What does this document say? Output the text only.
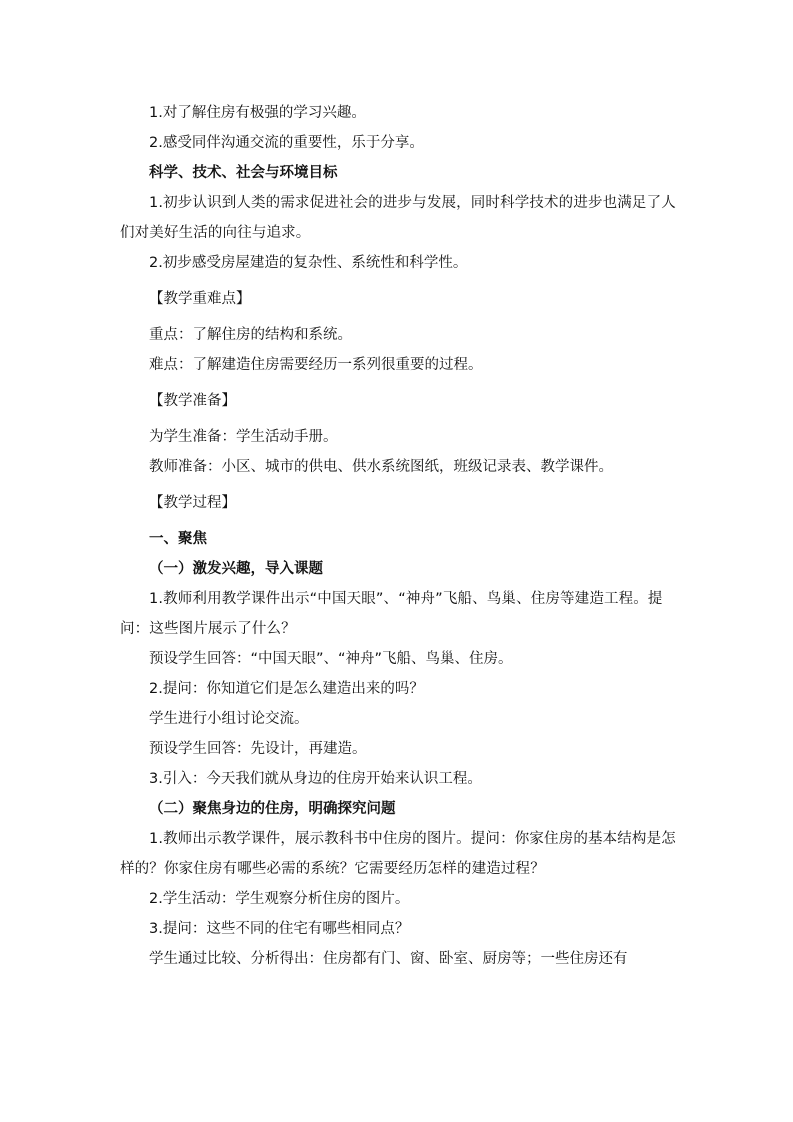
1.对了解住房有极强的学习兴趣。

2.感受同伴沟通交流的重要性，乐于分享。

科学、技术、社会与环境目标

1.初步认识到人类的需求促进社会的进步与发展，同时科学技术的进步也满足了人们对美好生活的向往与追求。

2.初步感受房屋建造的复杂性、系统性和科学性。

【教学重难点】

重点：了解住房的结构和系统。

难点：了解建造住房需要经历一系列很重要的过程。

【教学准备】

为学生准备：学生活动手册。

教师准备：小区、城市的供电、供水系统图纸，班级记录表、教学课件。

【教学过程】

一、聚焦

（一）激发兴趣，导入课题

1.教师利用教学课件出示“中国天眼”、“神舟”飞船、鸟巢、住房等建造工程。提问：这些图片展示了什么？

预设学生回答：“中国天眼”、“神舟”飞船、鸟巢、住房。

2.提问：你知道它们是怎么建造出来的吗？

学生进行小组讨论交流。

预设学生回答：先设计，再建造。

3.引入：今天我们就从身边的住房开始来认识工程。

（二）聚焦身边的住房，明确探究问题

1.教师出示教学课件，展示教科书中住房的图片。提问：你家住房的基本结构是怎样的？你家住房有哪些必需的系统？它需要经历怎样的建造过程？

2.学生活动：学生观察分析住房的图片。

3.提问：这些不同的住宅有哪些相同点？

学生通过比较、分析得出：住房都有门、窗、卧室、厨房等；一些住房还有
